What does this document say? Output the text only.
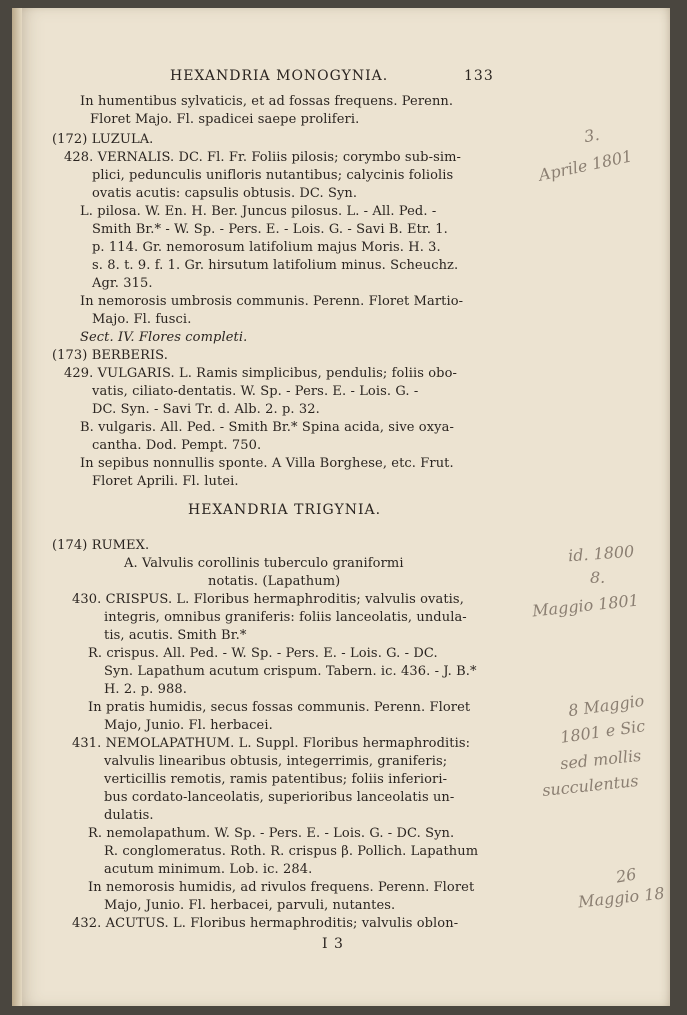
HEXANDRIA MONOGYNIA.	133
In humentibus sylvaticis, et ad fossas frequens. Perenn.
Floret Majo. Fl. spadicei saepe proliferi.
(172) LUZULA.
428. VERNALIS. DC. Fl. Fr. Foliis pilosis; corymbo sub-sim-
plici, pedunculis unifloris nutantibus; calycinis foliolis
ovatis acutis: capsulis obtusis. DC. Syn.
L. pilosa. W. En. H. Ber. Juncus pilosus. L. - All. Ped. -
Smith Br.* - W. Sp. - Pers. E. - Lois. G. - Savi B. Etr. 1.
p. 114. Gr. nemorosum latifolium majus Moris. H. 3.
s. 8. t. 9. f. 1. Gr. hirsutum latifolium minus. Scheuchz.
Agr. 315.
In nemorosis umbrosis communis. Perenn. Floret Martio-
Majo. Fl. fusci.
Sect. IV. Flores completi.
(173) BERBERIS.
429. VULGARIS. L. Ramis simplicibus, pendulis; foliis obo-
vatis, ciliato-dentatis. W. Sp. - Pers. E. - Lois. G. -
DC. Syn. - Savi Tr. d. Alb. 2. p. 32.
B. vulgaris. All. Ped. - Smith Br.* Spina acida, sive oxya-
cantha. Dod. Pempt. 750.
In sepibus nonnullis sponte. A Villa Borghese, etc. Frut.
Floret Aprili. Fl. lutei.
HEXANDRIA TRIGYNIA.
(174) RUMEX.
A. Valvulis corollinis tuberculo graniformi
notatis. (Lapathum)
430. CRISPUS. L. Floribus hermaphroditis; valvulis ovatis,
integris, omnibus graniferis: foliis lanceolatis, undula-
tis, acutis. Smith Br.*
R. crispus. All. Ped. - W. Sp. - Pers. E. - Lois. G. - DC.
Syn. Lapathum acutum crispum. Tabern. ic. 436. - J. B.*
H. 2. p. 988.
In pratis humidis, secus fossas communis. Perenn. Floret
Majo, Junio. Fl. herbacei.
431. NEMOLAPATHUM. L. Suppl. Floribus hermaphroditis:
valvulis linearibus obtusis, integerrimis, graniferis;
verticillis remotis, ramis patentibus; foliis inferiori-
bus cordato-lanceolatis, superioribus lanceolatis un-
dulatis.
R. nemolapathum. W. Sp. - Pers. E. - Lois. G. - DC. Syn.
R. conglomeratus. Roth. R. crispus β. Pollich. Lapathum
acutum minimum. Lob. ic. 284.
In nemorosis humidis, ad rivulos frequens. Perenn. Floret
Majo, Junio. Fl. herbacei, parvuli, nutantes.
432. ACUTUS. L. Floribus hermaphroditis; valvulis oblon-
I 3
3.
Aprile 1801
id. 1800
8.
Maggio 1801
8 Maggio
1801 e Sic
sed mollis
succulentus
26
Maggio 18
